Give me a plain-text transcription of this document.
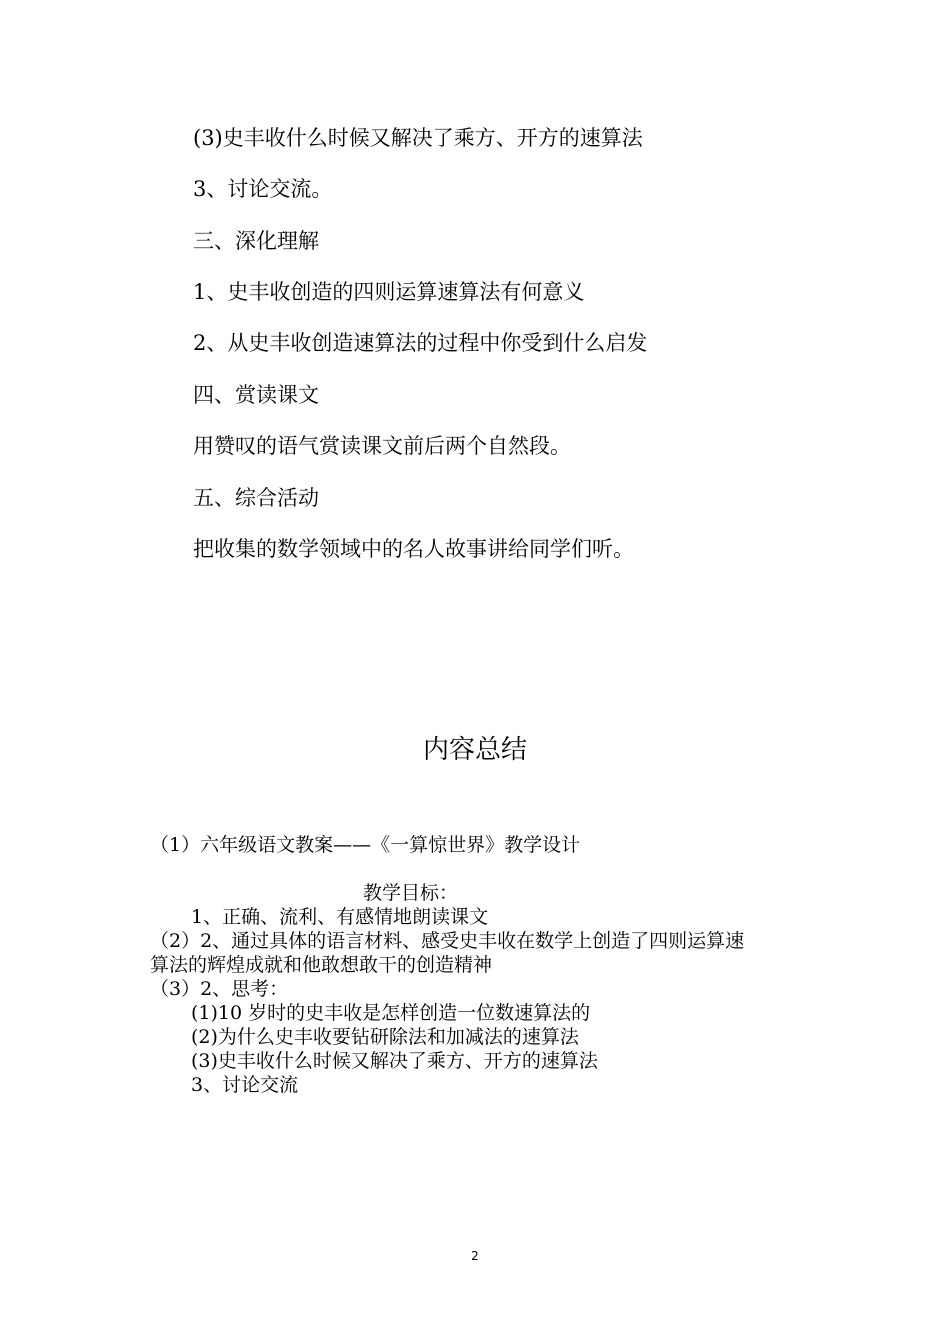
(3)史丰收什么时候又解决了乘方、开方的速算法
3、讨论交流。
三、深化理解
1、史丰收创造的四则运算速算法有何意义
2、从史丰收创造速算法的过程中你受到什么启发
四、赏读课文
用赞叹的语气赏读课文前后两个自然段。
五、综合活动
把收集的数学领域中的名人故事讲给同学们听。
内容总结
（1）六年级语文教案——《一算惊世界》教学设计
教学目标：
1、正确、流利、有感情地朗读课文
（2）2、通过具体的语言材料、感受史丰收在数学上创造了四则运算速
算法的辉煌成就和他敢想敢干的创造精神
（3）2、思考：
(1)10 岁时的史丰收是怎样创造一位数速算法的
(2)为什么史丰收要钻研除法和加减法的速算法
(3)史丰收什么时候又解决了乘方、开方的速算法
3、讨论交流
2
